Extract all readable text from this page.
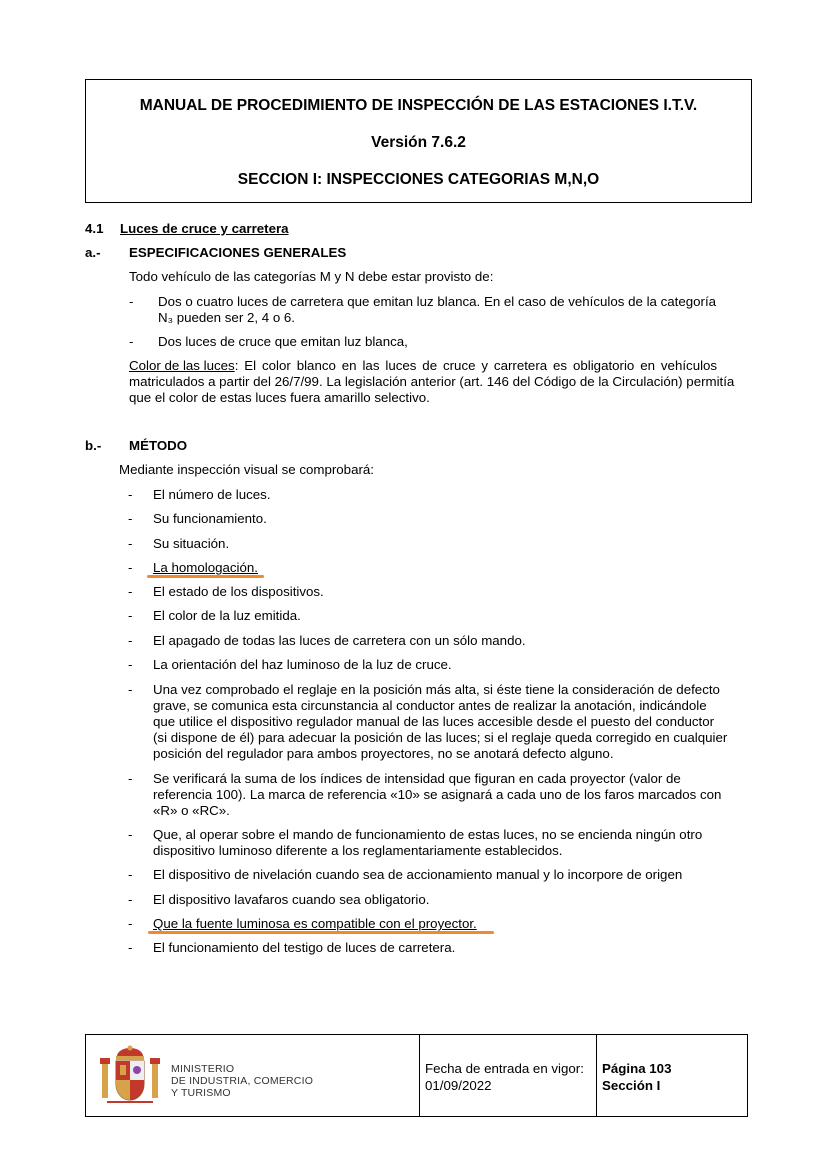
MANUAL DE PROCEDIMIENTO DE INSPECCIÓN DE LAS ESTACIONES I.T.V.
Versión 7.6.2
SECCION I: INSPECCIONES CATEGORIAS M,N,O
4.1 Luces de cruce y carretera
a.- ESPECIFICACIONES GENERALES
Todo vehículo de las categorías M y N debe estar provisto de:
- Dos o cuatro luces de carretera que emitan luz blanca. En el caso de vehículos de la categoría
N₃ pueden ser 2, 4 o 6.
- Dos luces de cruce que emitan luz blanca,
Color de las luces: El color blanco en las luces de cruce y carretera es obligatorio en vehículos
matriculados a partir del 26/7/99. La legislación anterior (art. 146 del Código de la Circulación) permitía
que el color de estas luces fuera amarillo selectivo.
b.- MÉTODO
Mediante inspección visual se comprobará:
- El número de luces.
- Su funcionamiento.
- Su situación.
- La homologación.
- El estado de los dispositivos.
- El color de la luz emitida.
- El apagado de todas las luces de carretera con un sólo mando.
- La orientación del haz luminoso de la luz de cruce.
- Una vez comprobado el reglaje en la posición más alta, si éste tiene la consideración de defecto
grave, se comunica esta circunstancia al conductor antes de realizar la anotación, indicándole
que utilice el dispositivo regulador manual de las luces accesible desde el puesto del conductor
(si dispone de él) para adecuar la posición de las luces; si el reglaje queda corregido en cualquier
posición del regulador para ambos proyectores, no se anotará defecto alguno.
- Se verificará la suma de los índices de intensidad que figuran en cada proyector (valor de
referencia 100). La marca de referencia «10» se asignará a cada uno de los faros marcados con
«R» o «RC».
- Que, al operar sobre el mando de funcionamiento de estas luces, no se encienda ningún otro
dispositivo luminoso diferente a los reglamentariamente establecidos.
- El dispositivo de nivelación cuando sea de accionamiento manual y lo incorpore de origen
- El dispositivo lavafaros cuando sea obligatorio.
- Que la fuente luminosa es compatible con el proyector.
- El funcionamiento del testigo de luces de carretera.
MINISTERIO
DE INDUSTRIA, COMERCIO
Y TURISMO
Fecha de entrada en vigor:
01/09/2022
Página 103
Sección I
